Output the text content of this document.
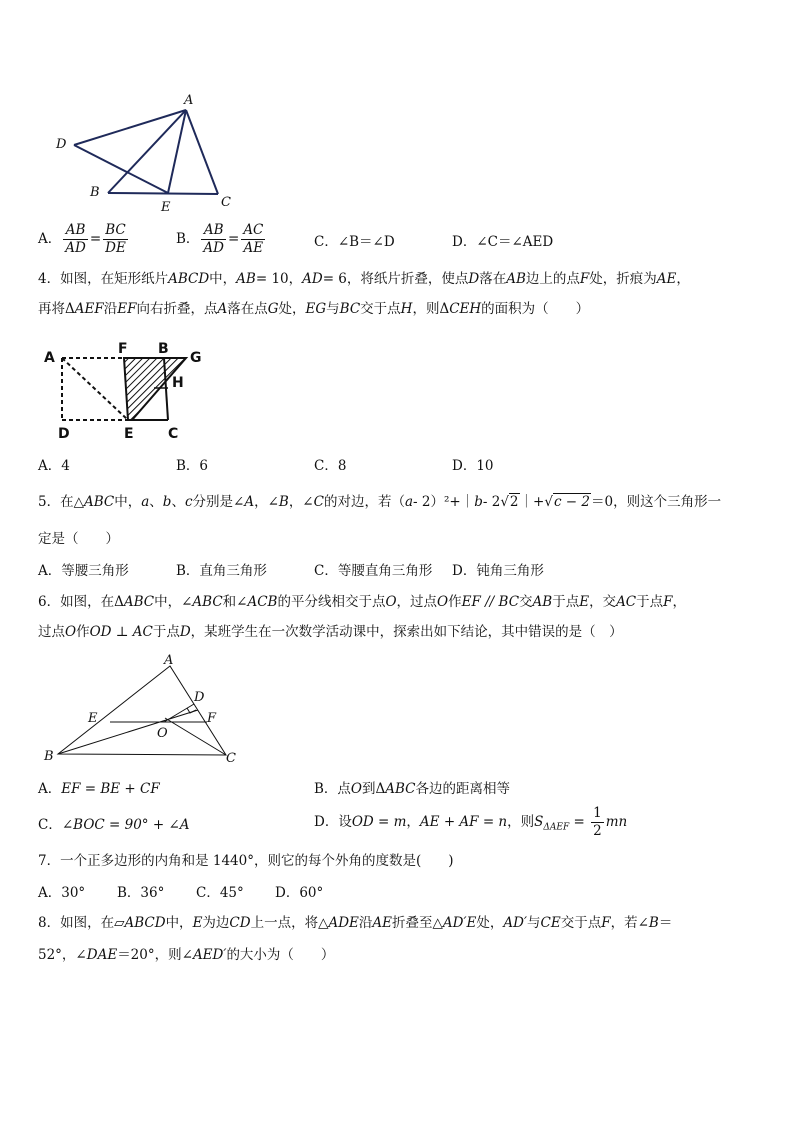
A
B
C
D
E
A． $\frac{AB}{AD} = \frac{BC}{DE}$	B． $\frac{AB}{AD} = \frac{AC}{AE}$	C．∠B＝∠D	D．∠C＝∠AED
4．如图，在矩形纸片ABCD中，AB= 10，AD= 6，将纸片折叠，使点D落在AB边上的点F处，折痕为AE，
再将ΔAEF沿EF向右折叠，点A落在点G处，EG与BC交于点H，则ΔCEH的面积为（　　）
A
F B
G
H
D	E C
A．4	B．6	C．8	D．10
5．在△ABC中，a、b、c分别是∠A，∠B，∠C的对边，若（a- 2）²+｜b- 2√2｜+√c − 2＝0，则这个三角形一
定是（　　）
A．等腰三角形	B．直角三角形	C．等腰直角三角形 D．钝角三角形
6．如图，在ΔABC中，∠ABC和∠ACB的平分线相交于点O，过点O作EF // BC交AB于点E，交AC于点F，
过点O作OD ⊥ AC于点D，某班学生在一次数学活动课中，探索出如下结论，其中错误的是（　）
A
B	C
D
E	F
O
A．EF = BE + CF	B．点O到ΔABC各边的距离相等
C．∠BOC = 90° + ∠A	D．设OD = m，AE + AF = n，则$S_{\Delta AEF} = \frac{1}{2}$ mn
7．一个正多边形的内角和是 1440°，则它的每个外角的度数是(　　)
A．30° B．36° C．45° D．60°
8．如图，在▱ABCD中，E为边CD上一点，将△ADE沿AE折叠至△AD′E处，AD′与CE交于点F，若∠B＝
52°，∠DAE＝20°，则∠AED′的大小为（　　）
